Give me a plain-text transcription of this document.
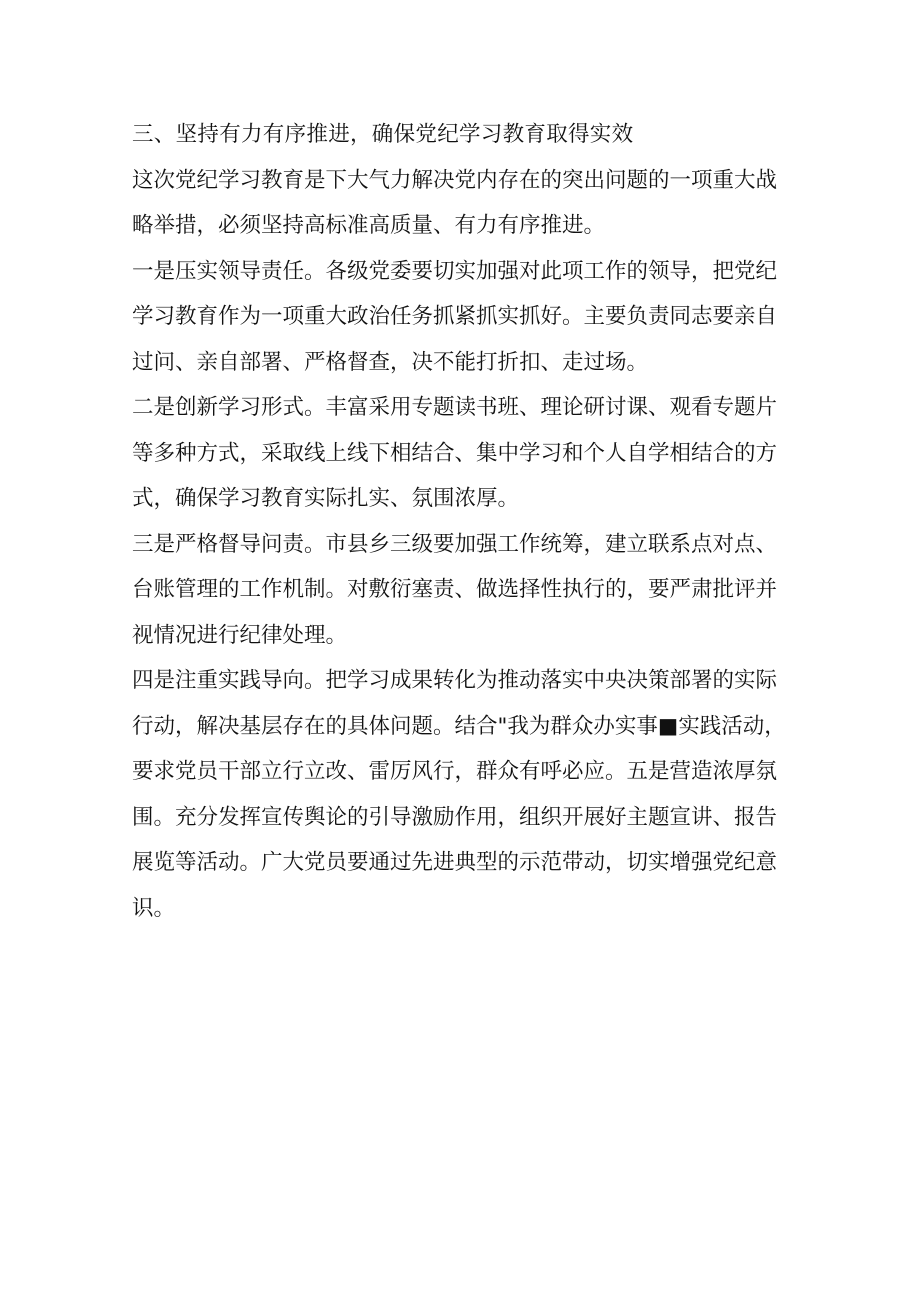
三、坚持有力有序推进，确保党纪学习教育取得实效
这次党纪学习教育是下大气力解决党内存在的突出问题的一项重大战
略举措，必须坚持高标准高质量、有力有序推进。
一是压实领导责任。各级党委要切实加强对此项工作的领导，把党纪
学习教育作为一项重大政治任务抓紧抓实抓好。主要负责同志要亲自
过问、亲自部署、严格督查，决不能打折扣、走过场。
二是创新学习形式。丰富采用专题读书班、理论研讨课、观看专题片
等多种方式，采取线上线下相结合、集中学习和个人自学相结合的方
式，确保学习教育实际扎实、氛围浓厚。
三是严格督导问责。市县乡三级要加强工作统筹，建立联系点对点、
台账管理的工作机制。对敷衍塞责、做选择性执行的，要严肃批评并
视情况进行纪律处理。
四是注重实践导向。把学习成果转化为推动落实中央决策部署的实际
行动，解决基层存在的具体问题。结合"我为群众办实事■实践活动，
要求党员干部立行立改、雷厉风行，群众有呼必应。五是营造浓厚氛
围。充分发挥宣传舆论的引导激励作用，组织开展好主题宣讲、报告
展览等活动。广大党员要通过先进典型的示范带动，切实增强党纪意
识。
